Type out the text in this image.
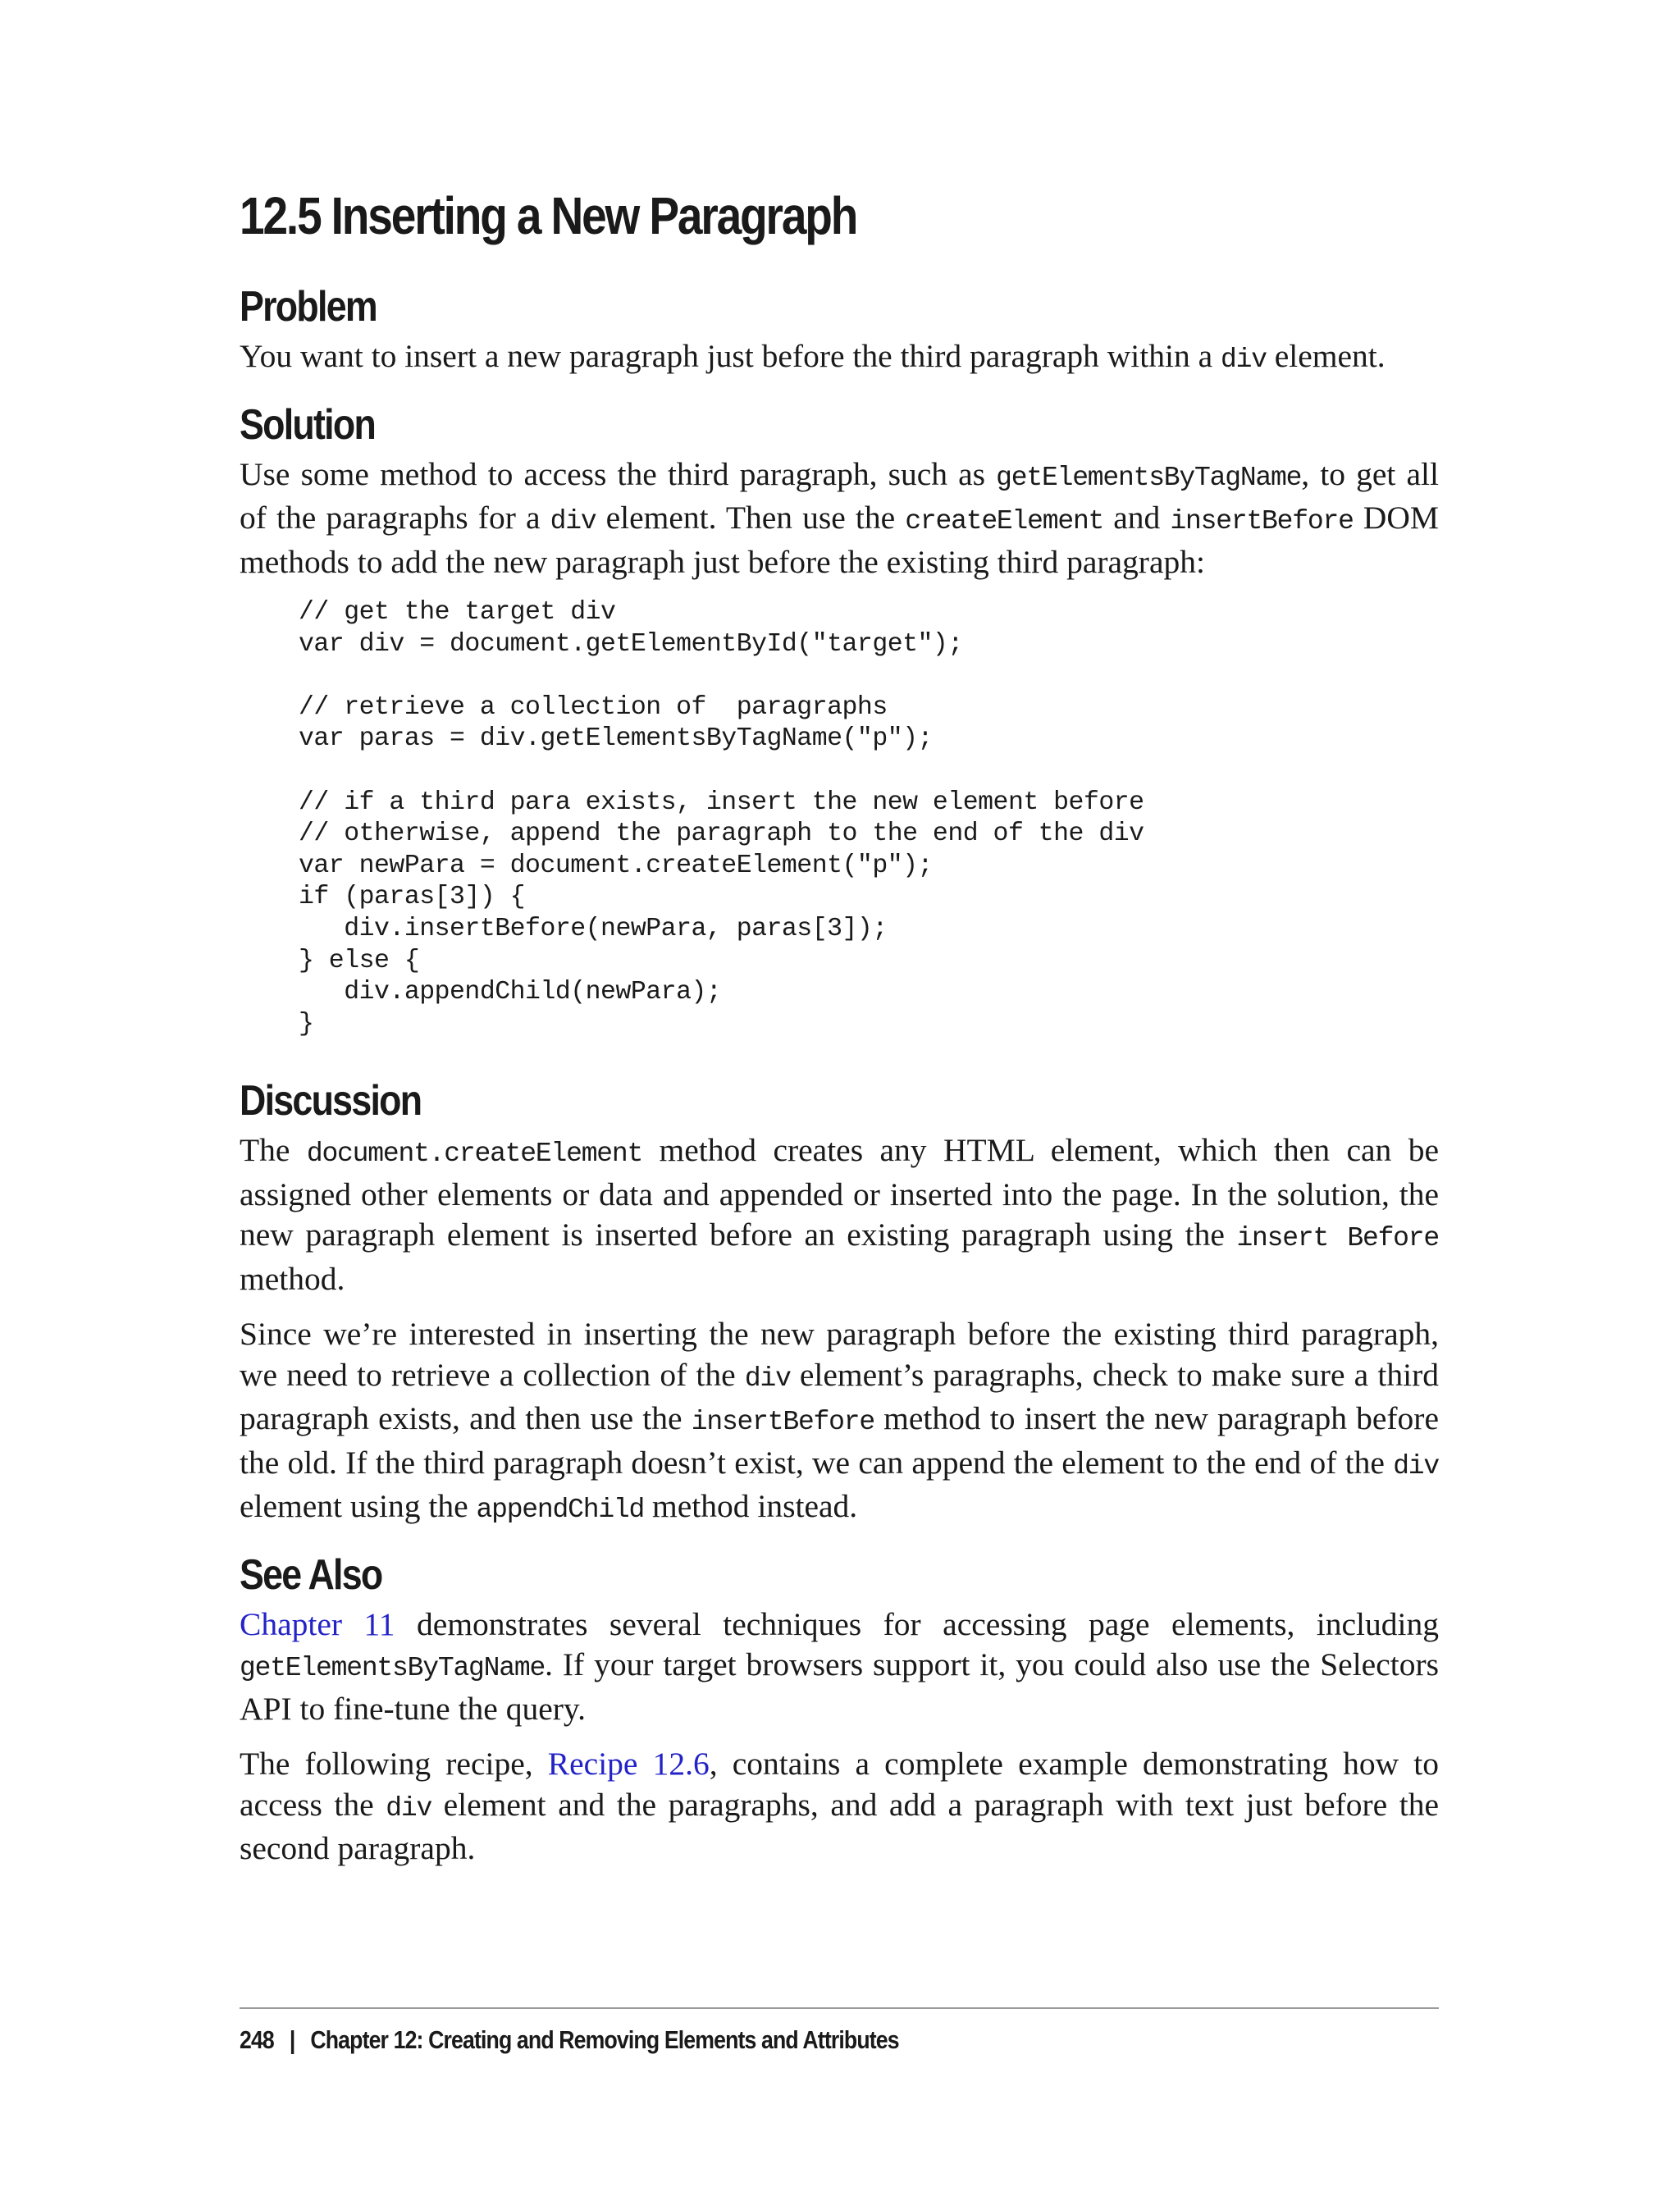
12.5 Inserting a New Paragraph
Problem

You want to insert a new paragraph just before the third paragraph within a div element.

Solution

Use some method to access the third paragraph, such as getElementsByTagName, to get all of the paragraphs for a div element. Then use the createElement and insertBefore DOM methods to add the new paragraph just before the existing third paragraph:

// get the target div
var div = document.getElementById("target");

// retrieve a collection of  paragraphs
var paras = div.getElementsByTagName("p");

// if a third para exists, insert the new element before
// otherwise, append the paragraph to the end of the div
var newPara = document.createElement("p");
if (paras[3]) {
div.insertBefore(newPara, paras[3]);
} else {
div.appendChild(newPara);
}
Discussion

The document.createElement method creates any HTML element, which then can be assigned other elements or data and appended or inserted into the page. In the solution, the new paragraph element is inserted before an existing paragraph using the insert Before method.

Since we’re interested in inserting the new paragraph before the existing third paragraph, we need to retrieve a collection of the div element’s paragraphs, check to make sure a third paragraph exists, and then use the insertBefore method to insert the new paragraph before the old. If the third paragraph doesn’t exist, we can append the element to the end of the div element using the appendChild method instead.

See Also

Chapter 11 demonstrates several techniques for accessing page elements, including getElementsByTagName. If your target browsers support it, you could also use the Selectors API to fine-tune the query.

The following recipe, Recipe 12.6, contains a complete example demonstrating how to access the div element and the paragraphs, and add a paragraph with text just before the second paragraph.

248 | Chapter 12: Creating and Removing Elements and Attributes
